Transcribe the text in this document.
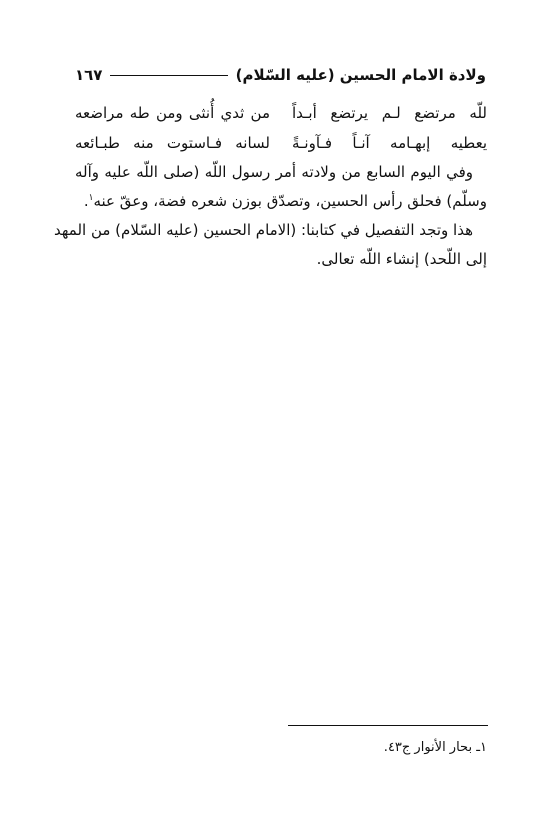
ولادة الامام الحسين (عليه السّلام)
١٦٧
للّه مرتضع لـم يرتضع أبـداً
من ثدي أُنثى ومن طه مراضعه
يعطيه إبهـامه آنـاً فـآونـةً
لسانه فـاستوت منه طبـائعه

وفي اليوم السابع من ولادته أمر رسول اللّه (صلى اللّه عليه وآله
وسلّم) فحلق رأس الحسين، وتصدّق بوزن شعره فضة، وعقّ عنه$^١$.

هذا وتجد التفصيل في كتابنا: (الامام الحسين (عليه السّلام) من المهد
إلى اللّحد) إنشاء اللّه تعالى.

١ـ بحار الأنوار ج٤٣.
